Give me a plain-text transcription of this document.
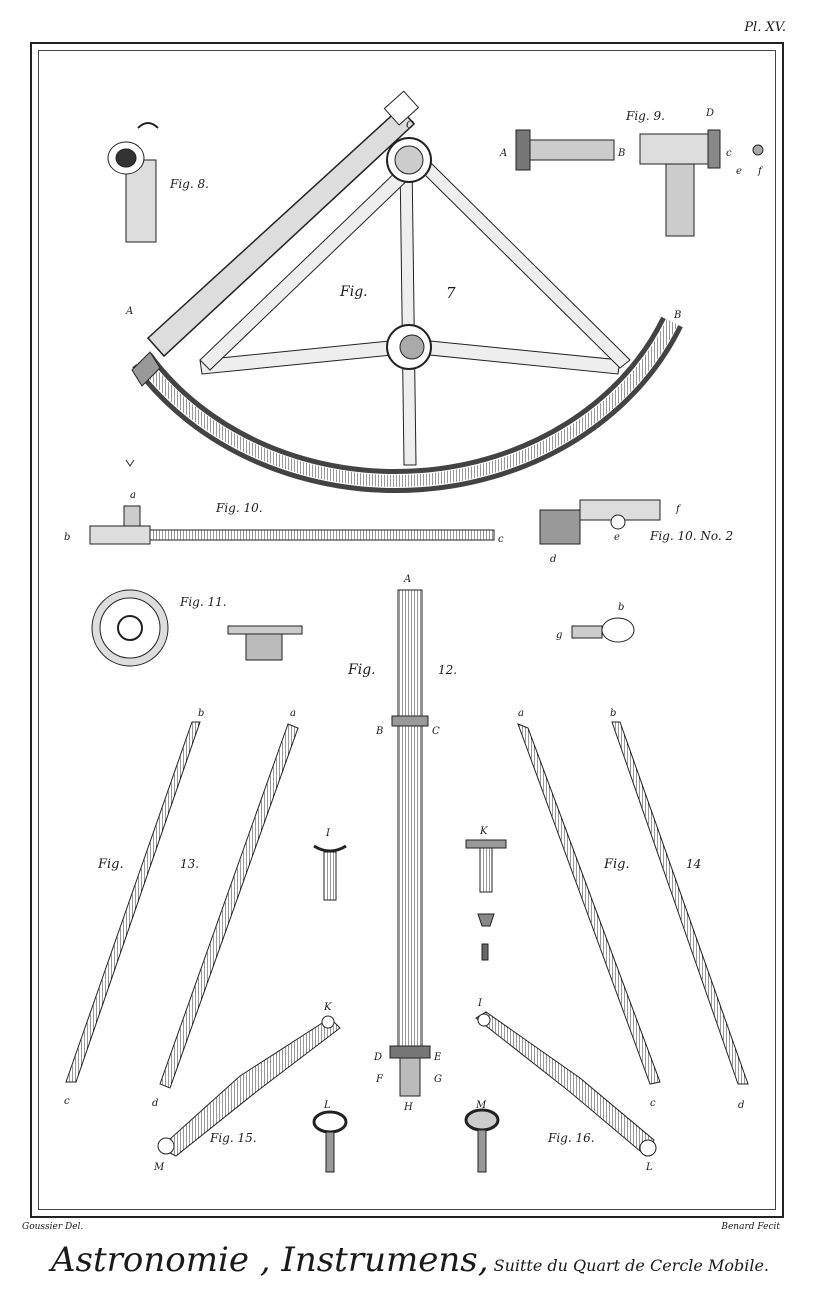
Pl. XV.
Fig.	7
C
A	B
Fig. 8.
Fig. 9.
A	B
D
c
e f
Fig. 10.
a
b	c	Fig. 10. No. 2
d
e
f
Fig. 11.
g
b
Fig.	12.
A
B	C
D	E
F	G
H
Fig.	13.
b	a
c	d
Fig.	14
a	b
c	d
I	K
Fig. 15.
M
K
Fig. 16.
I
L
L	M
Goussier Del.	Benard Fecit
Astronomie , Instrumens, Suitte du Quart de Cercle Mobile.
